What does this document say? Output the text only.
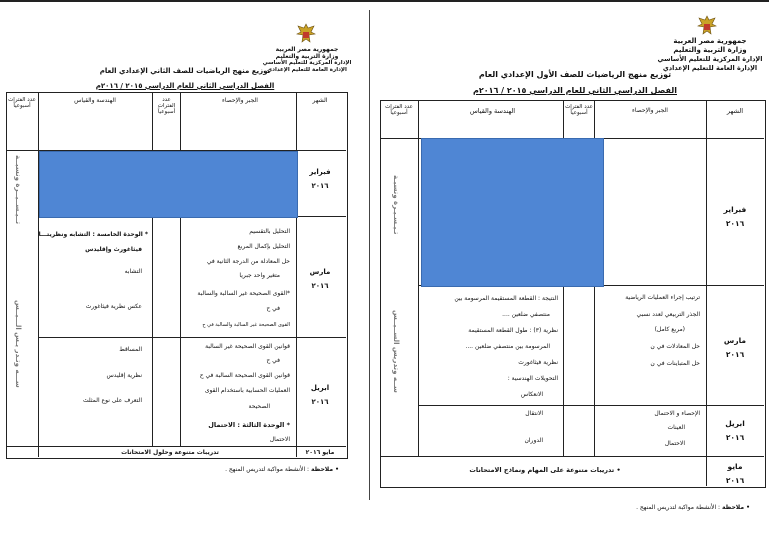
جمهورية مصر العربية
وزارة التربية والتعليم
الإدارة المركزية للتعليم الأساسي
الإدارة العامة للتعليم الإعدادي
توزيع منهج الرياضيات للصف الثاني الإعدادي العام
الفصل الدراسي الثاني للعام الدراسي ٢٠١٥ / ٢٠١٦م
الشهر
الجبر والإحصاء
عدد الفترات أسبوعياً
الهندسة والقياس
عدد الفترات أسبوعياً
فبراير
٢٠١٦
مارس
٢٠١٦
ابريل
٢٠١٦
التحليل بالتقسيم
التحليل بإكمال المربع
حل المعادلة من الدرجة الثانية في
متغير واحد جبريا
*القوى الصحيحة غير السالبة والسالبة
في ح
القوى الصحيحة غير السالبة والسالبة في ح
* الوحدة الخامسة : التشابه ونظريتـــا
فيثاغورث وإقليدس
التشابه
عكس نظرية فيثاغورث
قوانين القوى الصحيحة غير السالبة
في ح
قوانين القوى الصحيحة السالبة في ح
العمليات الحسابية باستخدام القوى
الصحيحة
* الوحدة الثالثة : الاحتمال
الاحتمال
المساقط
نظرية إقليدس
التعرف على نوع المثلث
تــيـســيــرة ونسبــة
ســـه وتـدر يـس الـــيــس
مايو ٢٠١٦
تدريبات متنوعة وحلول الامتحانات
• ملاحظة : الأنشطة مواكبة لتدريس المنهج .
جمهورية مصر العربية
وزارة التربية والتعليم
الإدارة المركزية للتعليم الأساسي
الإدارة العامة للتعليم الإعدادي
توزيع منهج الرياضيات للصف الأول الإعدادي العام
الفصل الدراسي الثاني للعام الدراسي ٢٠١٥ / ٢٠١٦م
الشهر
الجبر والإحصاء
عدد الفترات أسبوعياً
الهندسة والقياس
عدد الفترات أسبوعياً
فبراير
٢٠١٦
مارس
٢٠١٦
ابريل
٢٠١٦
مايو
٢٠١٦
ترتيب إجراء العمليات الرياضية
الجذر التربيعي لعدد نسبي
(مربع كامل)
حل المعادلات في ن
حل المتباينات في ن
النتيجة : القطعة المستقيمة المرسومة بين
منتصفي ضلعين ....
نظرية (٣) : طول القطعة المستقيمة
المرسومة بين منتصفي ضلعين ....
نظرية فيثاغورث
التحويلات الهندسية :
الانعكاس
الإحصاء و الاحتمال
العينات
الاحتمال
الانتقال
الدوران
تـيـسـيـرة ونسبـة
ســه وتدريس الســيــس
• تدريبات متنوعة على المهام ونماذج الامتحانات
• ملاحظة : الأنشطة مواكبة لتدريس المنهج .
